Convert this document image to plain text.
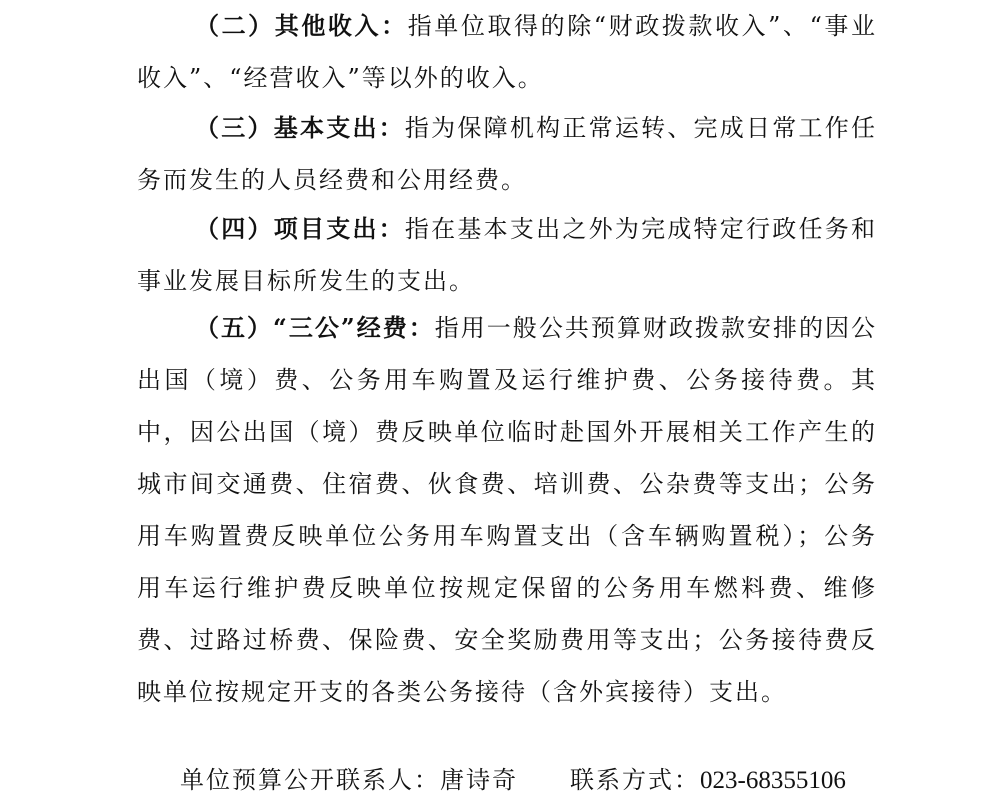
（二）其他收入：指单位取得的除“财政拨款收入”、“事业收入”、“经营收入”等以外的收入。

（三）基本支出：指为保障机构正常运转、完成日常工作任务而发生的人员经费和公用经费。

（四）项目支出：指在基本支出之外为完成特定行政任务和事业发展目标所发生的支出。

（五）“三公”经费：指用一般公共预算财政拨款安排的因公出国（境）费、公务用车购置及运行维护费、公务接待费。其中，因公出国（境）费反映单位临时赴国外开展相关工作产生的城市间交通费、住宿费、伙食费、培训费、公杂费等支出；公务用车购置费反映单位公务用车购置支出（含车辆购置税）；公务用车运行维护费反映单位按规定保留的公务用车燃料费、维修费、过路过桥费、保险费、安全奖励费用等支出；公务接待费反映单位按规定开支的各类公务接待（含外宾接待）支出。

单位预算公开联系人：唐诗奇 联系方式：023-68355106
